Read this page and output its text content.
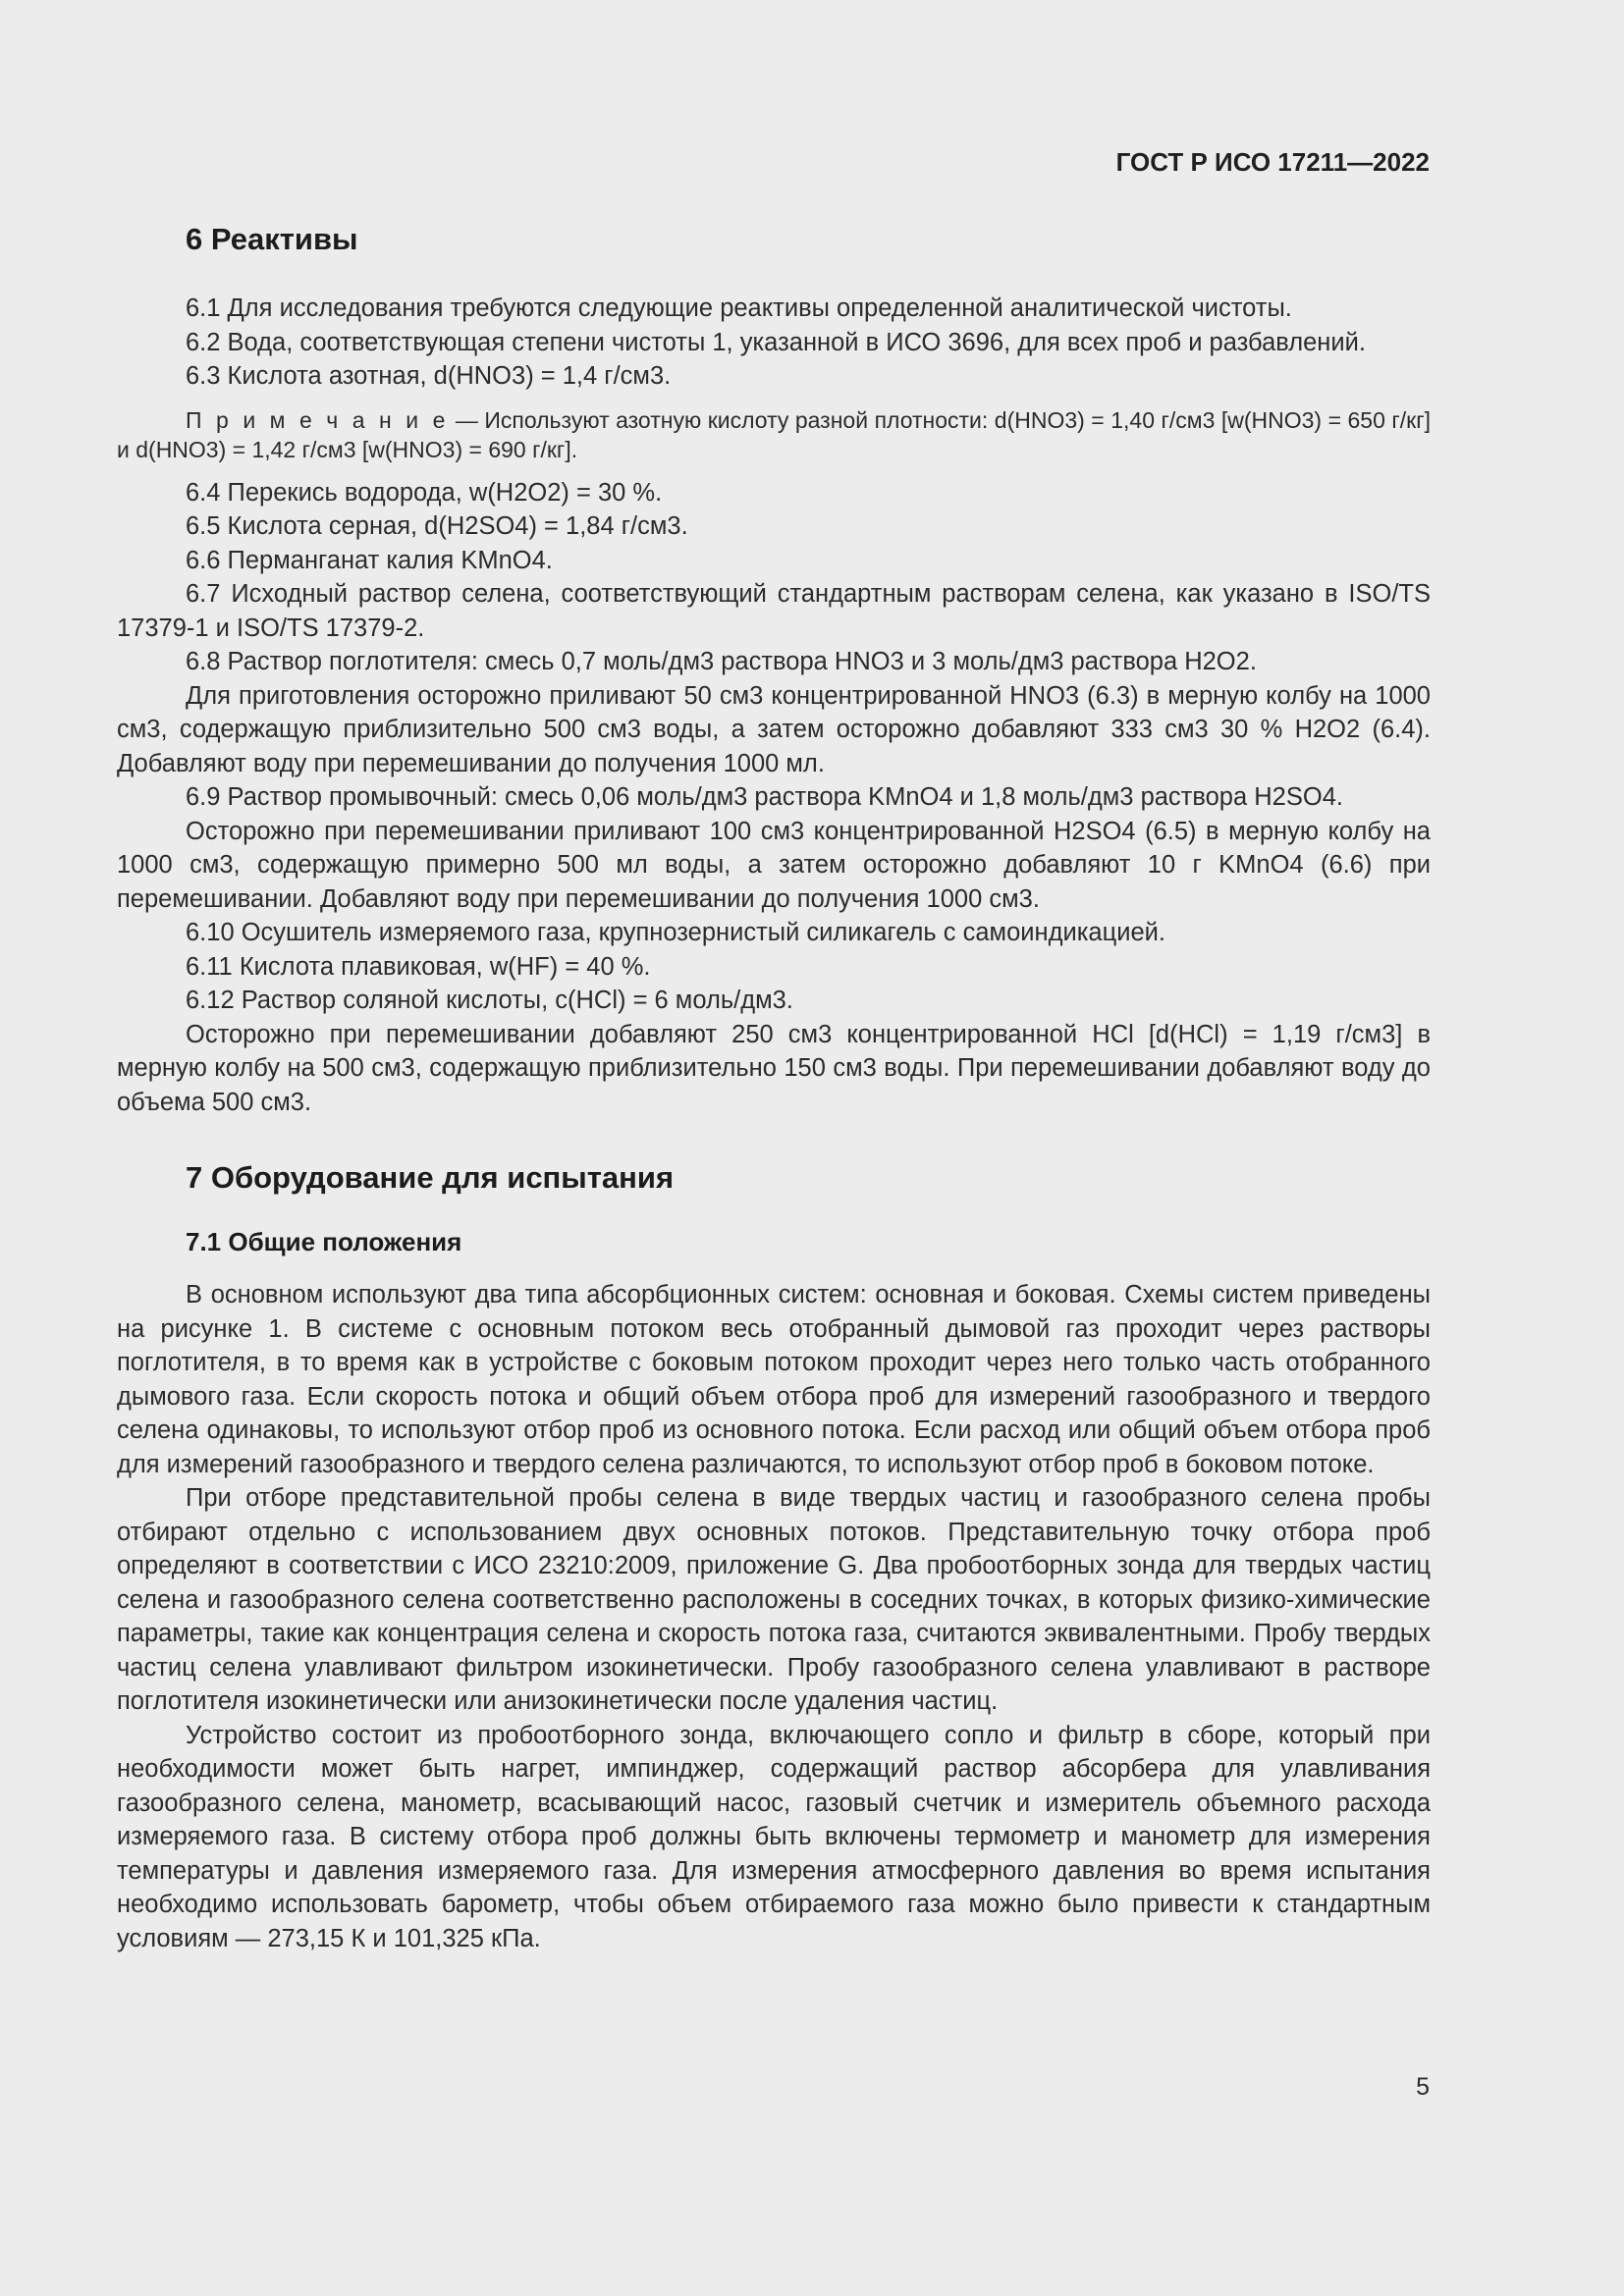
ГОСТ Р ИСО 17211—2022
6 Реактивы

6.1 Для исследования требуются следующие реактивы определенной аналитической чистоты.

6.2 Вода, соответствующая степени чистоты 1, указанной в ИСО 3696, для всех проб и разбавлений.

6.3 Кислота азотная, d(HNO3) = 1,4 г/см3.

П р и м е ч а н и е — Используют азотную кислоту разной плотности: d(HNO3) = 1,40 г/см3 [w(HNO3) = 650 г/кг] и d(HNO3) = 1,42 г/см3 [w(HNO3) = 690 г/кг].

6.4 Перекись водорода, w(H2O2) = 30 %.

6.5 Кислота серная, d(H2SO4) = 1,84 г/см3.

6.6 Перманганат калия KMnO4.

6.7 Исходный раствор селена, соответствующий стандартным растворам селена, как указано в ISO/TS 17379-1 и ISO/TS 17379-2.

6.8 Раствор поглотителя: смесь 0,7 моль/дм3 раствора HNO3 и 3 моль/дм3 раствора H2O2.

Для приготовления осторожно приливают 50 см3 концентрированной HNO3 (6.3) в мерную колбу на 1000 см3, содержащую приблизительно 500 см3 воды, а затем осторожно добавляют 333 см3 30 % H2O2 (6.4). Добавляют воду при перемешивании до получения 1000 мл.

6.9 Раствор промывочный: смесь 0,06 моль/дм3 раствора KMnO4 и 1,8 моль/дм3 раствора H2SO4.

Осторожно при перемешивании приливают 100 см3 концентрированной H2SO4 (6.5) в мерную колбу на 1000 см3, содержащую примерно 500 мл воды, а затем осторожно добавляют 10 г KMnO4 (6.6) при перемешивании. Добавляют воду при перемешивании до получения 1000 см3.

6.10 Осушитель измеряемого газа, крупнозернистый силикагель с самоиндикацией.

6.11 Кислота плавиковая, w(HF) = 40 %.

6.12 Раствор соляной кислоты, c(HCl) = 6 моль/дм3.

Осторожно при перемешивании добавляют 250 см3 концентрированной HCl [d(HCl) = 1,19 г/см3] в мерную колбу на 500 см3, содержащую приблизительно 150 см3 воды. При перемешивании добавляют воду до объема 500 см3.

7 Оборудование для испытания
7.1 Общие положения

В основном используют два типа абсорбционных систем: основная и боковая. Схемы систем приведены на рисунке 1. В системе с основным потоком весь отобранный дымовой газ проходит через растворы поглотителя, в то время как в устройстве с боковым потоком проходит через него только часть отобранного дымового газа. Если скорость потока и общий объем отбора проб для измерений газообразного и твердого селена одинаковы, то используют отбор проб из основного потока. Если расход или общий объем отбора проб для измерений газообразного и твердого селена различаются, то используют отбор проб в боковом потоке.

При отборе представительной пробы селена в виде твердых частиц и газообразного селена пробы отбирают отдельно с использованием двух основных потоков. Представительную точку отбора проб определяют в соответствии с ИСО 23210:2009, приложение G. Два пробоотборных зонда для твердых частиц селена и газообразного селена соответственно расположены в соседних точках, в которых физико-химические параметры, такие как концентрация селена и скорость потока газа, считаются эквивалентными. Пробу твердых частиц селена улавливают фильтром изокинетически. Пробу газообразного селена улавливают в растворе поглотителя изокинетически или анизокинетически после удаления частиц.

Устройство состоит из пробоотборного зонда, включающего сопло и фильтр в сборе, который при необходимости может быть нагрет, импинджер, содержащий раствор абсорбера для улавливания газообразного селена, манометр, всасывающий насос, газовый счетчик и измеритель объемного расхода измеряемого газа. В систему отбора проб должны быть включены термометр и манометр для измерения температуры и давления измеряемого газа. Для измерения атмосферного давления во время испытания необходимо использовать барометр, чтобы объем отбираемого газа можно было привести к стандартным условиям — 273,15 К и 101,325 кПа.

5
